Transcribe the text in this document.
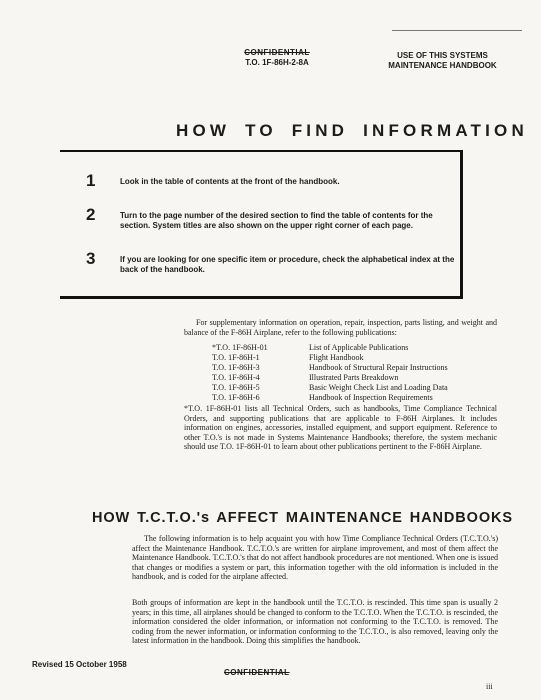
CONFIDENTIAL
T.O. 1F-86H-2-8A
USE OF THIS SYSTEMS
MAINTENANCE HANDBOOK
HOW TO FIND INFORMATION
1	Look in the table of contents at the front of the handbook.
2	Turn to the page number of the desired section to find the table of contents for the section. System titles are also shown on the upper right corner of each page.
3	If you are looking for one specific item or procedure, check the alphabetical index at the back of the handbook.
For supplementary information on operation, repair, inspection, parts listing, and weight and balance of the F-86H Airplane, refer to the following publications:
*T.O. 1F-86H-01	List of Applicable Publications
T.O. 1F-86H-1	Flight Handbook
T.O. 1F-86H-3	Handbook of Structural Repair Instructions
T.O. 1F-86H-4	Illustrated Parts Breakdown
T.O. 1F-86H-5	Basic Weight Check List and Loading Data
T.O. 1F-86H-6	Handbook of Inspection Requirements
*T.O. 1F-86H-01 lists all Technical Orders, such as handbooks, Time Compliance Technical Orders, and supporting publications that are applicable to F-86H Airplanes. It includes information on engines, accessories, installed equipment, and support equipment. Reference to other T.O.'s is not made in Systems Maintenance Handbooks; therefore, the system mechanic should use T.O. 1F-86H-01 to learn about other publications pertinent to the F-86H Airplane.
HOW T.C.T.O.'s AFFECT MAINTENANCE HANDBOOKS
The following information is to help acquaint you with how Time Compliance Technical Orders (T.C.T.O.'s) affect the Maintenance Handbook. T.C.T.O.'s are written for airplane improvement, and most of them affect the Maintenance Handbook. T.C.T.O.'s that do not affect handbook procedures are not mentioned. When one is issued that changes or modifies a system or part, this information together with the old information is included in the handbook, and is coded for the airplane affected.
Both groups of information are kept in the handbook until the T.C.T.O. is rescinded. This time span is usually 2 years; in this time, all airplanes should be changed to conform to the T.C.T.O. When the T.C.T.O. is rescinded, the information considered the older information, or information not conforming to the T.C.T.O. is removed. The coding from the newer information, or information conforming to the T.C.T.O., is also removed, leaving only the latest information in the handbook. Doing this simplifies the handbook.
Revised 15 October 1958
CONFIDENTIAL
iii
